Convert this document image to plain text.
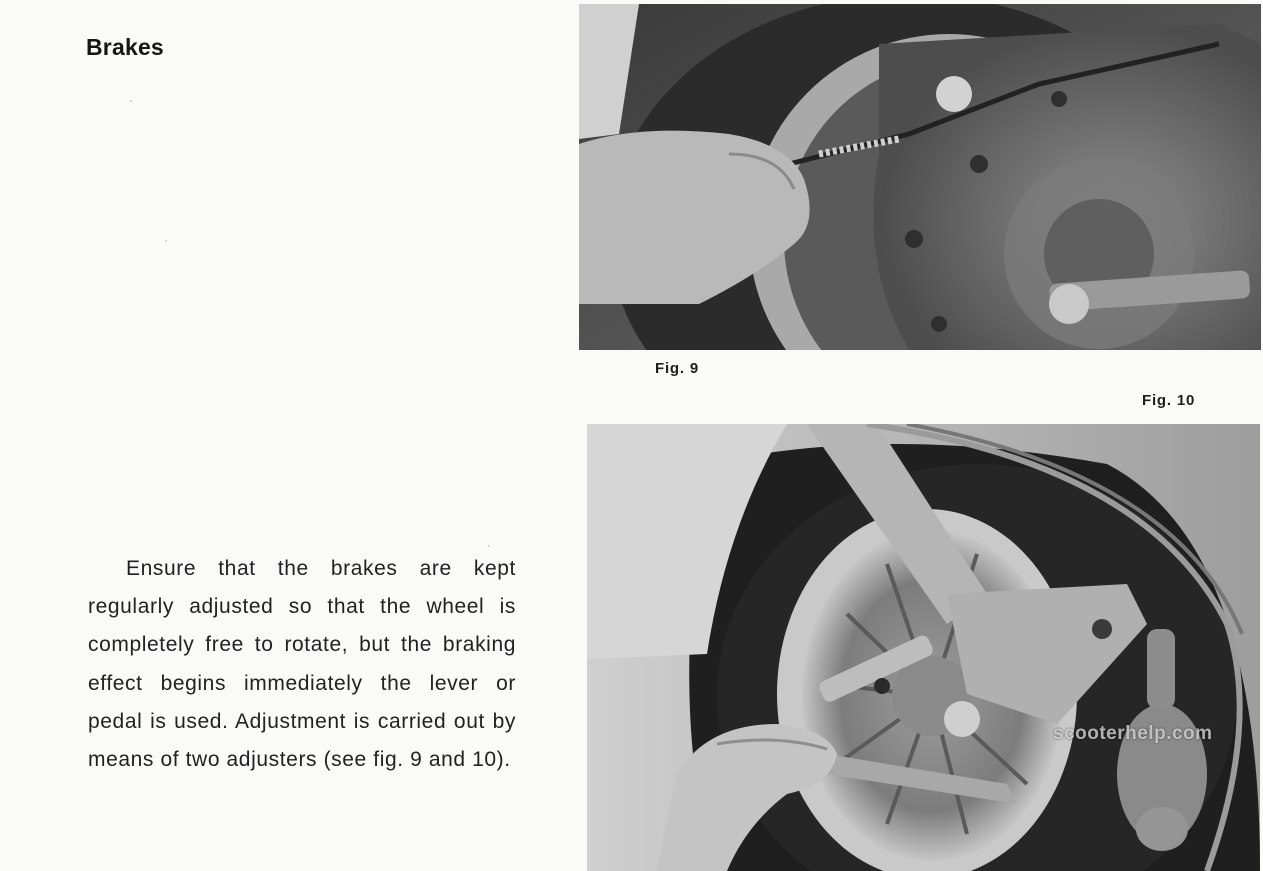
Brakes

Ensure that the brakes are kept regularly adjusted so that the wheel is completely free to rotate, but the braking effect begins immediately the lever or pedal is used. Adjustment is carried out by means of two adjusters (see fig. 9 and 10).

Fig. 9
Fig. 10
scooterhelp.com
